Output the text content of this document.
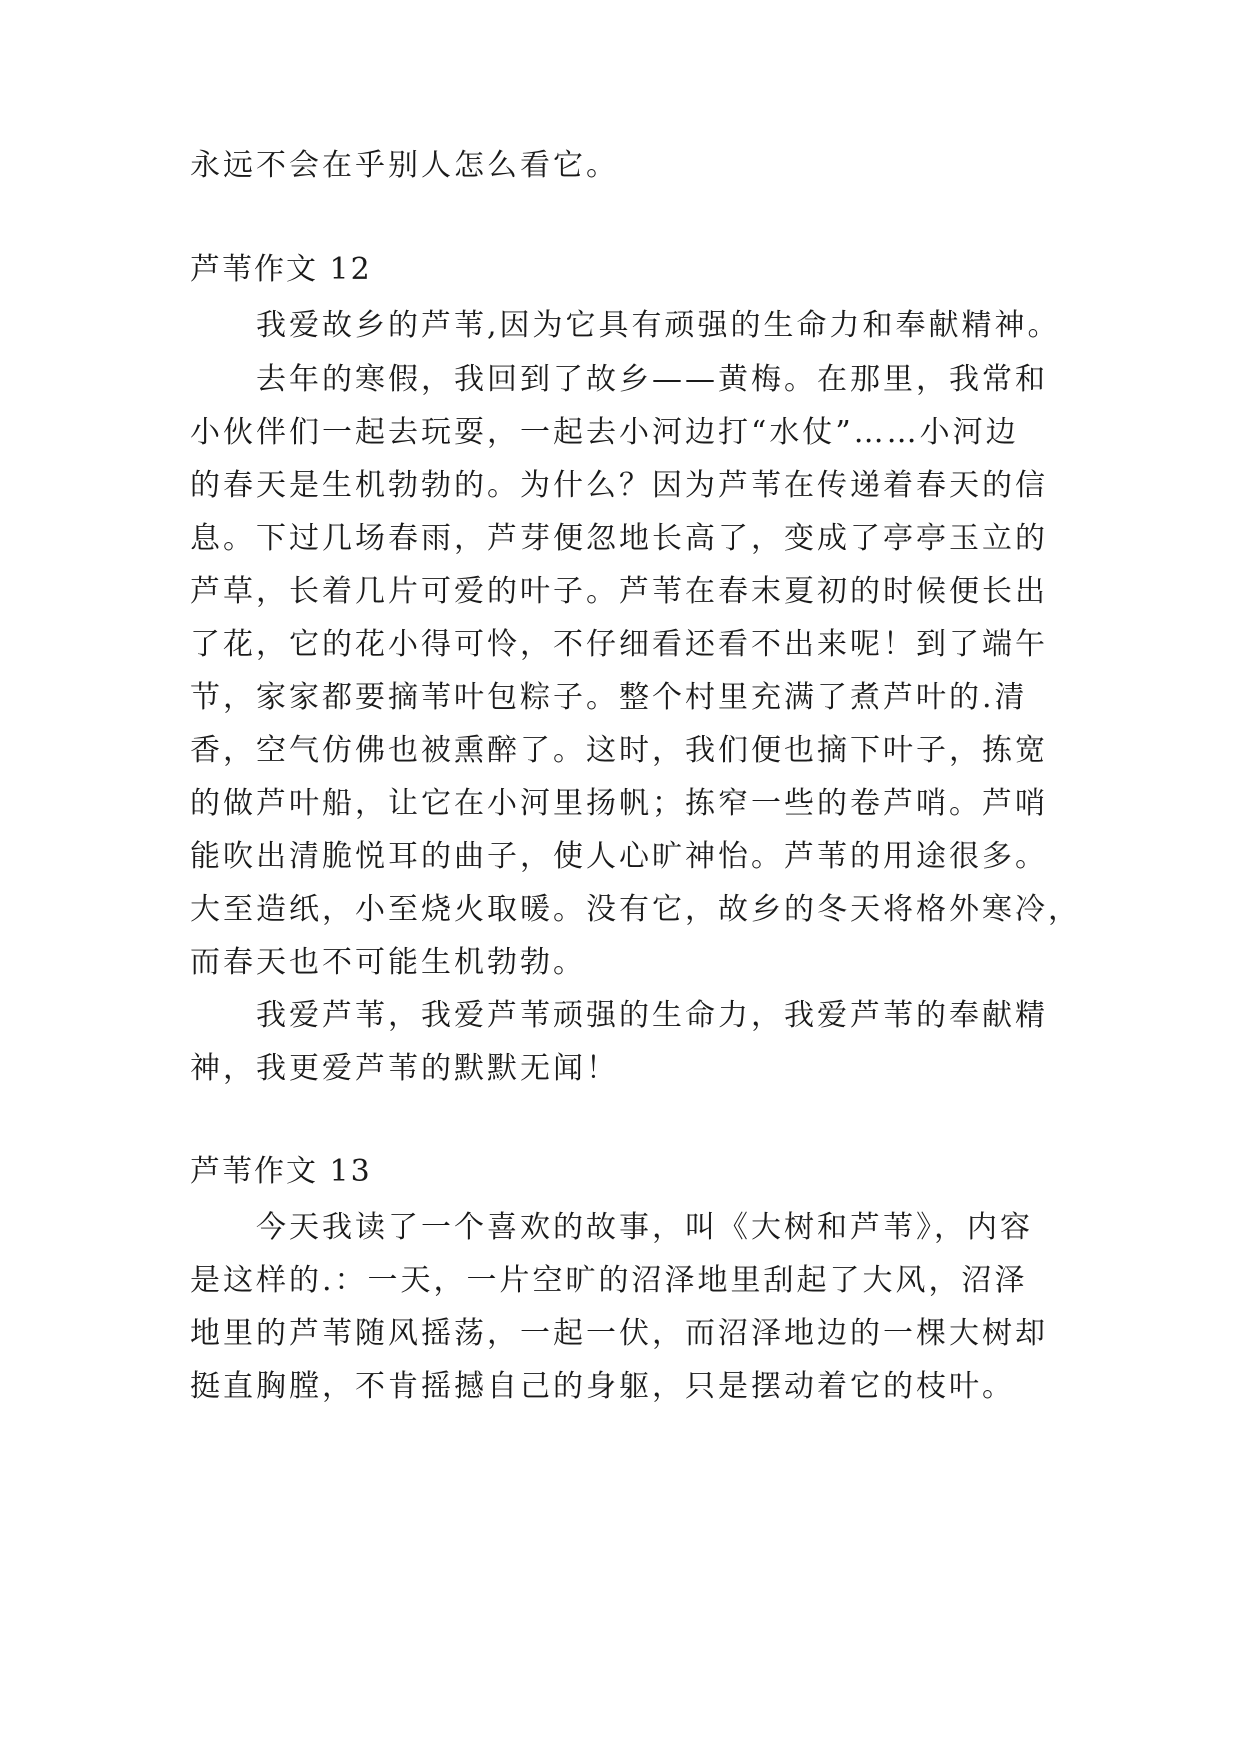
永远不会在乎别人怎么看它。
芦苇作文 12
我爱故乡的芦苇,因为它具有顽强的生命力和奉献精神。
去年的寒假，我回到了故乡——黄梅。在那里，我常和
小伙伴们一起去玩耍，一起去小河边打“水仗”……小河边
的春天是生机勃勃的。为什么？因为芦苇在传递着春天的信
息。下过几场春雨，芦芽便忽地长高了，变成了亭亭玉立的
芦草，长着几片可爱的叶子。芦苇在春末夏初的时候便长出
了花，它的花小得可怜，不仔细看还看不出来呢！到了端午
节，家家都要摘苇叶包粽子。整个村里充满了煮芦叶的.清
香，空气仿佛也被熏醉了。这时，我们便也摘下叶子，拣宽
的做芦叶船，让它在小河里扬帆；拣窄一些的卷芦哨。芦哨
能吹出清脆悦耳的曲子，使人心旷神怡。芦苇的用途很多。
大至造纸，小至烧火取暖。没有它，故乡的冬天将格外寒冷，
而春天也不可能生机勃勃。
我爱芦苇，我爱芦苇顽强的生命力，我爱芦苇的奉献精
神，我更爱芦苇的默默无闻！
芦苇作文 13
今天我读了一个喜欢的故事，叫《大树和芦苇》，内容
是这样的.：一天，一片空旷的沼泽地里刮起了大风，沼泽
地里的芦苇随风摇荡，一起一伏，而沼泽地边的一棵大树却
挺直胸膛，不肯摇撼自己的身躯，只是摆动着它的枝叶。
